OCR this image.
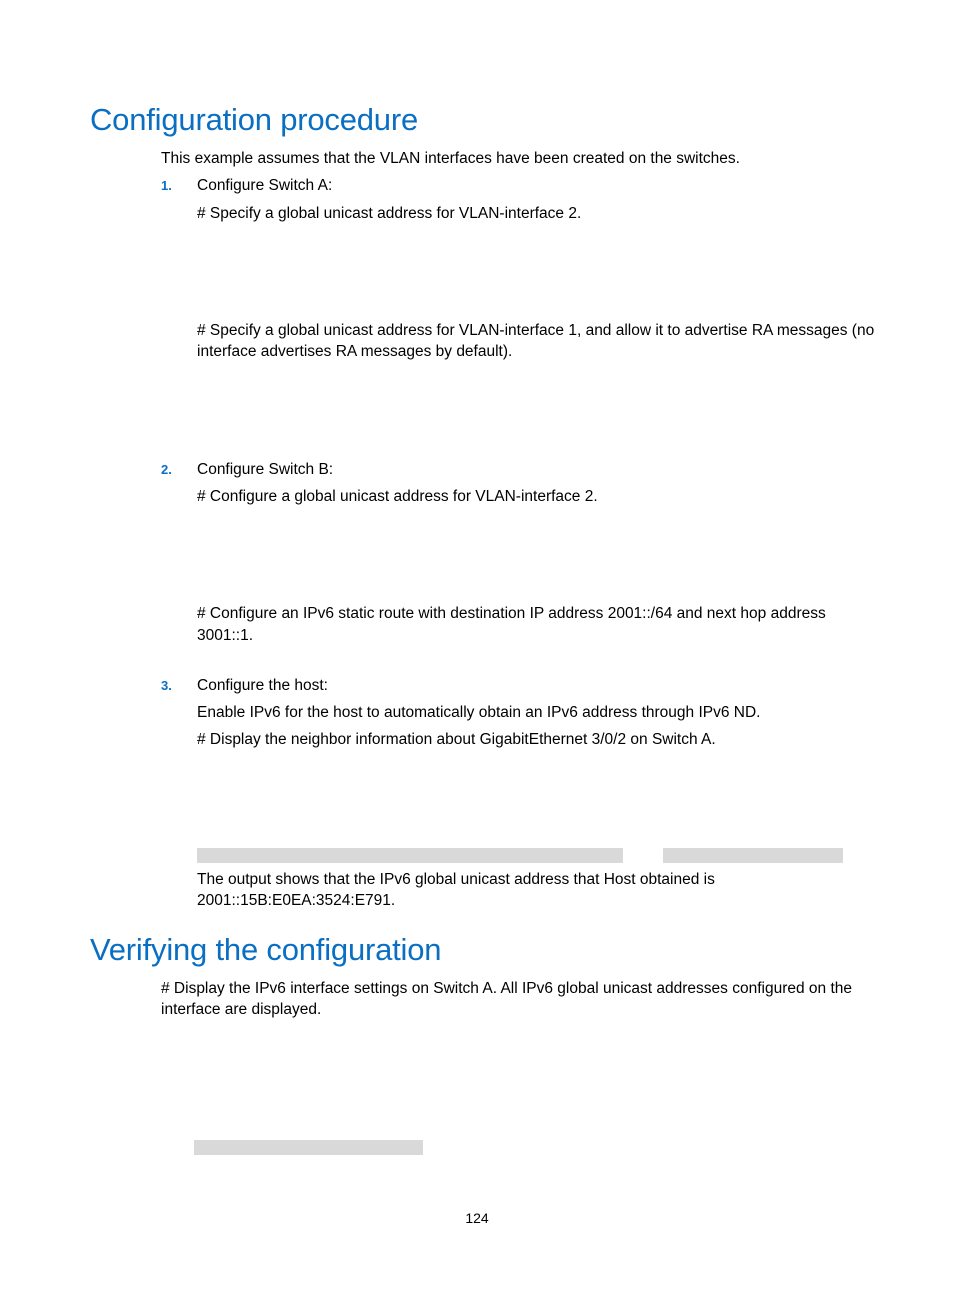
Configuration procedure
This example assumes that the VLAN interfaces have been created on the switches.
1. Configure Switch A:
# Specify a global unicast address for VLAN-interface 2.
# Specify a global unicast address for VLAN-interface 1, and allow it to advertise RA messages (no
interface advertises RA messages by default).
2. Configure Switch B:
# Configure a global unicast address for VLAN-interface 2.
# Configure an IPv6 static route with destination IP address 2001::/64 and next hop address
3001::1.
3. Configure the host:
Enable IPv6 for the host to automatically obtain an IPv6 address through IPv6 ND.
# Display the neighbor information about GigabitEthernet 3/0/2 on Switch A.
The output shows that the IPv6 global unicast address that Host obtained is
2001::15B:E0EA:3524:E791.
Verifying the configuration
# Display the IPv6 interface settings on Switch A. All IPv6 global unicast addresses configured on the
interface are displayed.
124
